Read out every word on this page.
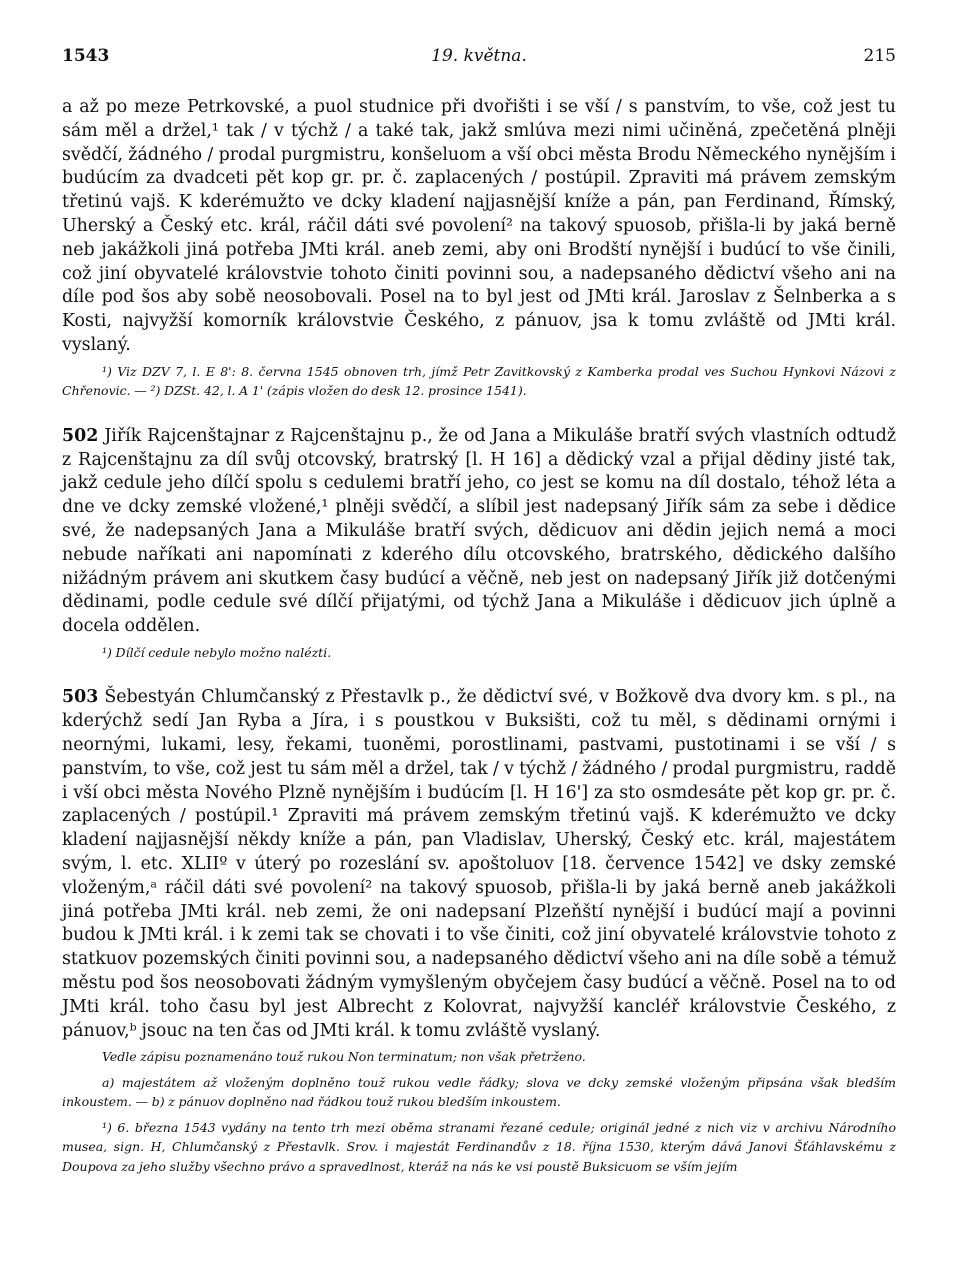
1543	19. května.	215

a až po meze Petrkovské, a puol studnice při dvořišti i se vší / s panstvím, to vše, což jest tu sám měl a držel,¹ tak / v týchž / a také tak, jakž smlúva mezi nimi učiněná, zpečetěná plněji svědčí, žádného / prodal purgmistru, konšeluom a vší obci města Brodu Německého nynějším i budúcím za dvadceti pět kop gr. pr. č. zaplacených / postúpil. Zpraviti má právem zemským třetinú vajš. K kderémužto ve dcky kladení najjasnější kníže a pán, pan Ferdinand, Římský, Uherský a Český etc. král, ráčil dáti své povolení² na takový spuosob, přišla-li by jaká berně neb jakážkoli jiná potřeba JMti král. aneb zemi, aby oni Brodští nynější i budúcí to vše činili, což jiní obyvatelé královstvie tohoto činiti povinni sou, a nadepsaného dědictví všeho ani na díle pod šos aby sobě neosobovali. Posel na to byl jest od JMti král. Jaroslav z Šelnberka a s Kosti, najvyžší komorník královstvie Českého, z pánuov, jsa k tomu zvláště od JMti král. vyslaný.

¹) Viz DZV 7, l. E 8': 8. června 1545 obnoven trh, jímž Petr Zavitkovský z Kamberka prodal ves Suchou Hynkovi Názovi z Chřenovic. — ²) DZSt. 42, l. A 1' (zápis vložen do desk 12. prosince 1541).

502 Jiřík Rajcenštajnar z Rajcenštajnu p., že od Jana a Mikuláše bratří svých vlastních odtudž z Rajcenštajnu za díl svůj otcovský, bratrský [l. H 16] a dědický vzal a přijal dědiny jisté tak, jakž cedule jeho dílčí spolu s cedulemi bratří jeho, co jest se komu na díl dostalo, téhož léta a dne ve dcky zemské vložené,¹ plněji svědčí, a slíbil jest nadepsaný Jiřík sám za sebe i dědice své, že nadepsaných Jana a Mikuláše bratří svých, dědicuov ani dědin jejich nemá a moci nebude naříkati ani napomínati z kderého dílu otcovského, bratrského, dědického dalšího nižádným právem ani skutkem časy budúcí a věčně, neb jest on nadepsaný Jiřík již dotčenými dědinami, podle cedule své dílčí přijatými, od týchž Jana a Mikuláše i dědicuov jich úplně a docela oddělen.

¹) Dílčí cedule nebylo možno nalézti.

503 Šebestyán Chlumčanský z Přestavlk p., že dědictví své, v Božkově dva dvory km. s pl., na kderýchž sedí Jan Ryba a Jíra, i s poustkou v Buksišti, což tu měl, s dědinami ornými i neornými, lukami, lesy, řekami, tuoněmi, porostlinami, pastvami, pustotinami i se vší / s panstvím, to vše, což jest tu sám měl a držel, tak / v týchž / žádného / prodal purgmistru, raddě i vší obci města Nového Plzně nynějším i budúcím [l. H 16'] za sto osmdesáte pět kop gr. pr. č. zaplacených / postúpil.¹ Zpraviti má právem zemským třetinú vajš. K kderémužto ve dcky kladení najjasnější někdy kníže a pán, pan Vladislav, Uherský, Český etc. král, majestátem svým, l. etc. XLIIº v úterý po rozeslání sv. apoštoluov [18. července 1542] ve dsky zemské vloženým,ᵃ ráčil dáti své povolení² na takový spuosob, přišla-li by jaká berně aneb jakážkoli jiná potřeba JMti král. neb zemi, že oni nadepsaní Plzeňští nynější i budúcí mají a povinni budou k JMti král. i k zemi tak se chovati i to vše činiti, což jiní obyvatelé královstvie tohoto z statkuov pozemských činiti povinni sou, a nadepsaného dědictví všeho ani na díle sobě a témuž městu pod šos neosobovati žádným vymyšleným obyčejem časy budúcí a věčně. Posel na to od JMti král. toho času byl jest Albrecht z Kolovrat, najvyžší kancléř královstvie Českého, z pánuov,ᵇ jsouc na ten čas od JMti král. k tomu zvláště vyslaný.

Vedle zápisu poznamenáno touž rukou Non terminatum; non však přetrženo.

a) majestátem až vloženým doplněno touž rukou vedle řádky; slova ve dcky zemské vloženým připsána však bledším inkoustem. — b) z pánuov doplněno nad řádkou touž rukou bledším inkoustem.

¹) 6. března 1543 vydány na tento trh mezi oběma stranami řezané cedule; originál jedné z nich viz v archivu Národního musea, sign. H, Chlumčanský z Přestavlk. Srov. i majestát Ferdinandův z 18. října 1530, kterým dává Janovi Šťáhlavskému z Doupova za jeho služby všechno právo a spravedlnost, kteráž na nás ke vsi poustě Buksicuom se vším jejím
